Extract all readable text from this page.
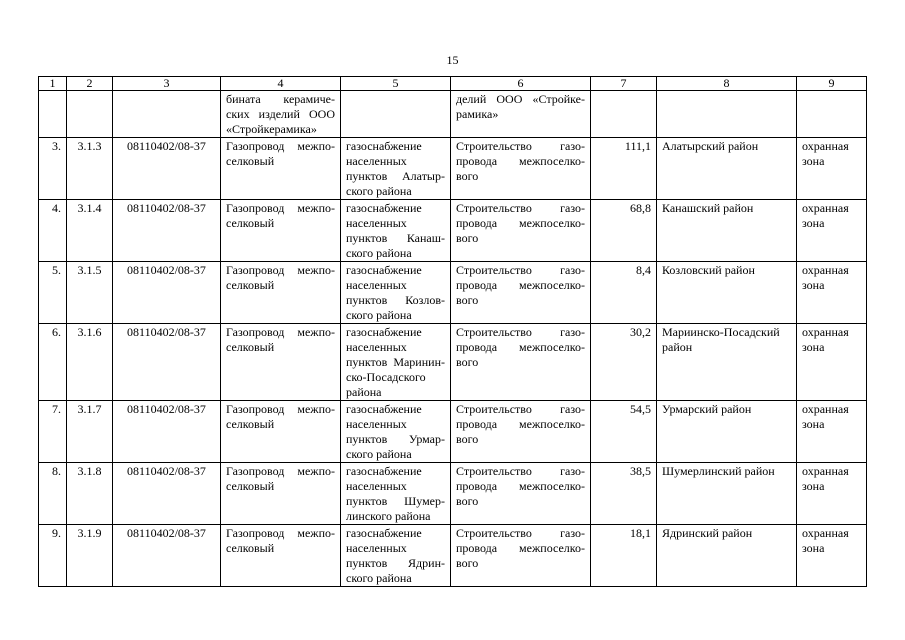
15
1	2	3	4	5	6	7	8	9

			бината керамиче-
ских изделий ООО
«Стройкерамика»		делий ООО «Стройке-
рамика»			

3.	3.1.3	08110402/08-37	Газопровод межпо-
селковый	газоснабжение
населенных
пунктов Алатыр-
ского района	Строительство газо-
провода межпоселко-
вого	111,1	Алатырский район	охранная зона
4.	3.1.4	08110402/08-37	Газопровод межпо-
селковый	газоснабжение
населенных
пунктов Канаш-
ского района	Строительство газо-
провода межпоселко-
вого	68,8	Канашский район	охранная зона
5.	3.1.5	08110402/08-37	Газопровод межпо-
селковый	газоснабжение
населенных
пунктов Козлов-
ского района	Строительство газо-
провода межпоселко-
вого	8,4	Козловский район	охранная зона
6.	3.1.6	08110402/08-37	Газопровод межпо-
селковый	газоснабжение
населенных
пунктов Маринин-
ско-Посадского
района	Строительство газо-
провода межпоселко-
вого	30,2	Мариинско-Посадский район	охранная зона
7.	3.1.7	08110402/08-37	Газопровод межпо-
селковый	газоснабжение
населенных
пунктов Урмар-
ского района	Строительство газо-
провода межпоселко-
вого	54,5	Урмарский район	охранная зона
8.	3.1.8	08110402/08-37	Газопровод межпо-
селковый	газоснабжение
населенных
пунктов Шумер-
линского района	Строительство газо-
провода межпоселко-
вого	38,5	Шумерлинский район	охранная зона
9.	3.1.9	08110402/08-37	Газопровод межпо-
селковый	газоснабжение
населенных
пунктов Ядрин-
ского района	Строительство газо-
провода межпоселко-
вого	18,1	Ядринский район	охранная зона
